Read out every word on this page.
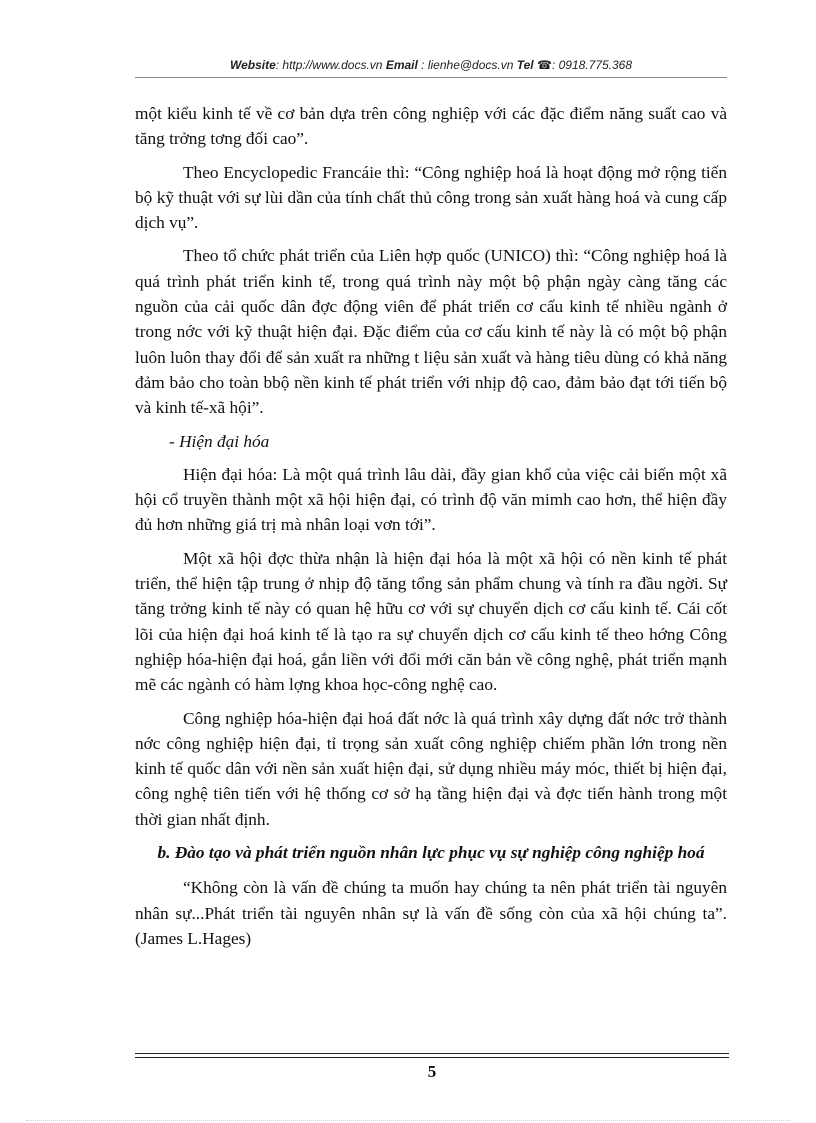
Website: http://www.docs.vn Email : lienhe@docs.vn Tel ☎: 0918.775.368

một kiểu kinh tế về cơ bản dựa trên công nghiệp với các đặc điểm năng suất cao và tăng trởng tơng đối cao”.

Theo Encyclopedic Francáie thì: “Công nghiệp hoá là hoạt động mở rộng tiến bộ kỹ thuật với sự lùi dần của tính chất thủ công trong sản xuất hàng hoá và cung cấp dịch vụ”.

Theo tổ chức phát triển của Liên hợp quốc (UNICO) thì: “Công nghiệp hoá là quá trình phát triển kinh tế, trong quá trình này một bộ phận ngày càng tăng các nguồn của cải quốc dân đợc động viên để phát triển cơ cấu kinh tế nhiều ngành ở trong nớc với kỹ thuật hiện đại. Đặc điểm của cơ cấu kinh tế này là có một bộ phận luôn luôn thay đổi để sản xuất ra những t liệu sản xuất và hàng tiêu dùng có khả năng đảm bảo cho toàn bbộ nền kinh tế phát triển với nhịp độ cao, đảm bảo đạt tới tiến bộ và kinh tế-xã hội”.

- Hiện đại hóa

Hiện đại hóa: Là một quá trình lâu dài, đầy gian khổ của việc cải biến một xã hội cổ truyền thành một xã hội hiện đại, có trình độ văn mimh cao hơn, thể hiện đầy đủ hơn những giá trị mà nhân loại vơn tới”.

Một xã hội đợc thừa nhận là hiện đại hóa là một xã hội có nền kinh tế phát triển, thể hiện tập trung ở nhịp độ tăng tổng sản phẩm chung và tính ra đầu ngời. Sự tăng trởng kinh tế này có quan hệ hữu cơ với sự chuyển dịch cơ cấu kinh tế. Cái cốt lõi của hiện đại hoá kinh tế là tạo ra sự chuyển dịch cơ cấu kinh tế theo hớng Công nghiệp hóa-hiện đại hoá, gắn liền với đổi mới căn bản về công nghệ, phát triển mạnh mẽ các ngành có hàm lợng khoa học-công nghệ cao.

Công nghiệp hóa-hiện đại hoá đất nớc là quá trình xây dựng đất nớc trở thành nớc công nghiệp hiện đại, tỉ trọng sản xuất công nghiệp chiếm phần lớn trong nền kinh tế quốc dân với nền sản xuất hiện đại, sử dụng nhiều máy móc, thiết bị hiện đại, công nghệ tiên tiến với hệ thống cơ sở hạ tầng hiện đại và đợc tiến hành trong một thời gian nhất định.

b. Đào tạo và phát triển nguồn nhân lực phục vụ sự nghiệp công nghiệp hoá

“Không còn là vấn đề chúng ta muốn hay chúng ta nên phát triển tài nguyên nhân sự...Phát triển tài nguyên nhân sự là vấn đề sống còn của xã hội chúng ta”.(James L.Hages)

5
